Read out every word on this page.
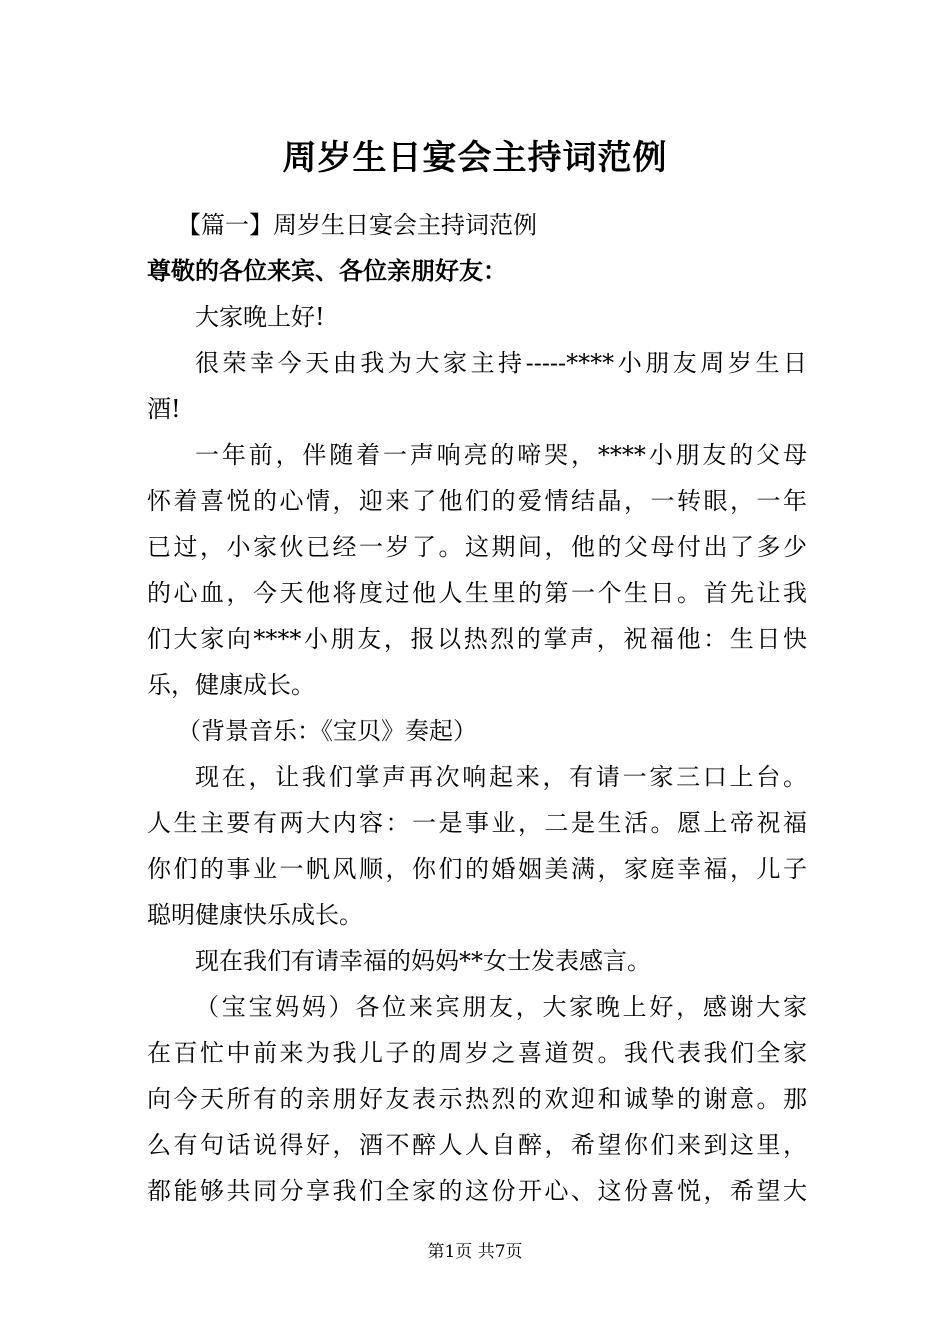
周岁生日宴会主持词范例
【篇一】周岁生日宴会主持词范例
尊敬的各位来宾、各位亲朋好友：
大家晚上好!
很荣幸今天由我为大家主持-----****小朋友周岁生日
酒!
一年前，伴随着一声响亮的啼哭，****小朋友的父母
怀着喜悦的心情，迎来了他们的爱情结晶，一转眼，一年
已过，小家伙已经一岁了。这期间，他的父母付出了多少
的心血，今天他将度过他人生里的第一个生日。首先让我
们大家向****小朋友，报以热烈的掌声，祝福他：生日快
乐，健康成长。
（背景音乐：《宝贝》奏起）
现在，让我们掌声再次响起来，有请一家三口上台。
人生主要有两大内容：一是事业，二是生活。愿上帝祝福
你们的事业一帆风顺，你们的婚姻美满，家庭幸福，儿子
聪明健康快乐成长。
现在我们有请幸福的妈妈**女士发表感言。
（宝宝妈妈）各位来宾朋友，大家晚上好，感谢大家
在百忙中前来为我儿子的周岁之喜道贺。我代表我们全家
向今天所有的亲朋好友表示热烈的欢迎和诚挚的谢意。那
么有句话说得好，酒不醉人人自醉，希望你们来到这里，
都能够共同分享我们全家的这份开心、这份喜悦，希望大
第1页 共7页
